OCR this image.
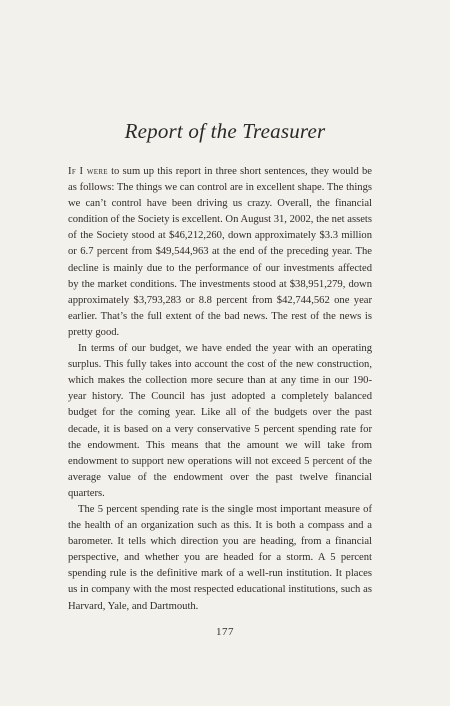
Report of the Treasurer

If I were to sum up this report in three short sentences, they would be as follows: The things we can control are in excellent shape. The things we can’t control have been driving us crazy. Overall, the financial condition of the Society is excellent. On August 31, 2002, the net assets of the Society stood at $46,212,260, down approximately $3.3 million or 6.7 percent from $49,544,963 at the end of the preceding year. The decline is mainly due to the performance of our investments affected by the market conditions. The investments stood at $38,951,279, down approximately $3,793,283 or 8.8 percent from $42,744,562 one year earlier. That’s the full extent of the bad news. The rest of the news is pretty good.

In terms of our budget, we have ended the year with an operating surplus. This fully takes into account the cost of the new construction, which makes the collection more secure than at any time in our 190-year history. The Council has just adopted a completely balanced budget for the coming year. Like all of the budgets over the past decade, it is based on a very conservative 5 percent spending rate for the endowment. This means that the amount we will take from endowment to support new operations will not exceed 5 percent of the average value of the endowment over the past twelve financial quarters.

The 5 percent spending rate is the single most important measure of the health of an organization such as this. It is both a compass and a barometer. It tells which direction you are heading, from a financial perspective, and whether you are headed for a storm. A 5 percent spending rule is the definitive mark of a well-run institution. It places us in company with the most respected educational institutions, such as Harvard, Yale, and Dartmouth.

177
